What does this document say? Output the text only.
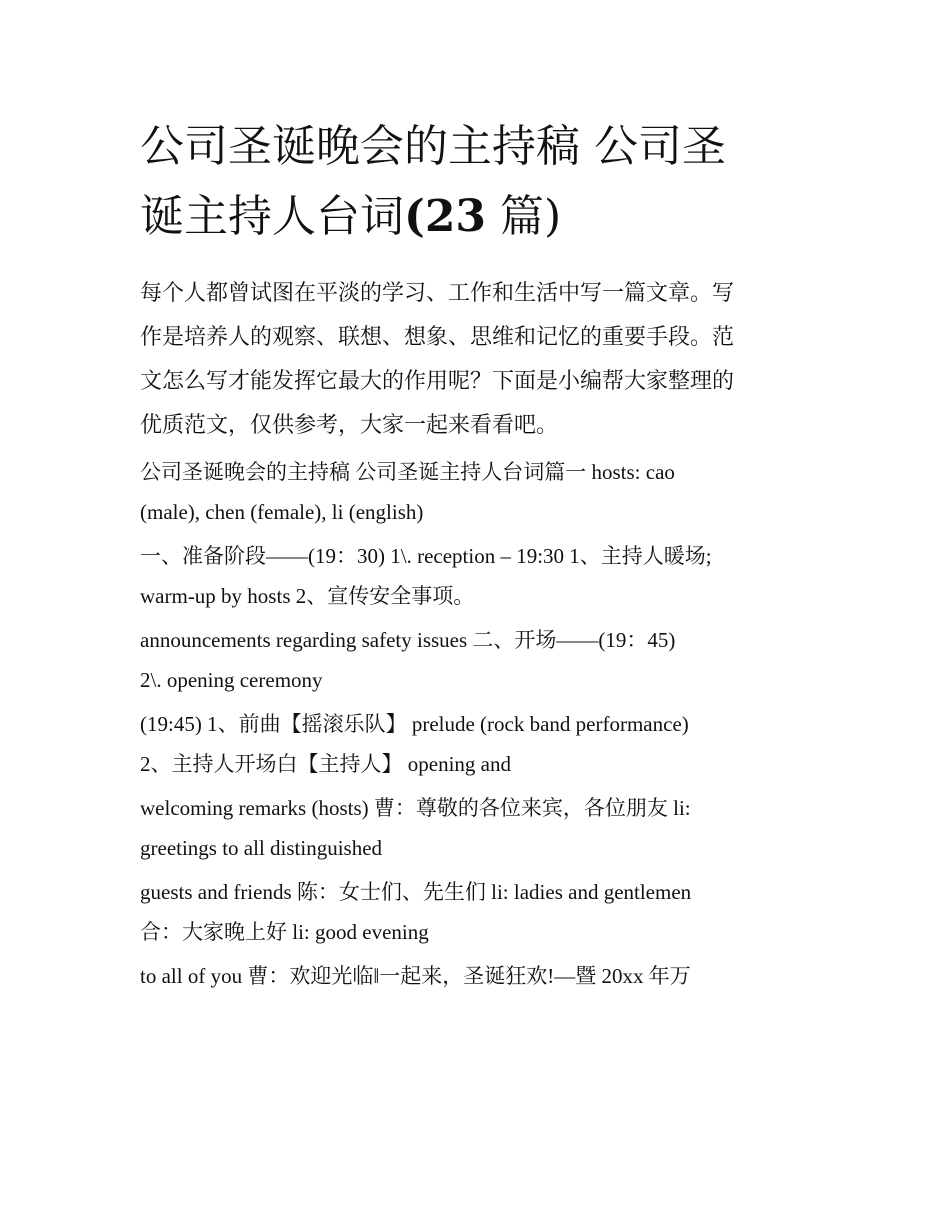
公司圣诞晚会的主持稿 公司圣
诞主持人台词(23 篇)

每个人都曾试图在平淡的学习、工作和生活中写一篇文章。写
作是培养人的观察、联想、想象、思维和记忆的重要手段。范
文怎么写才能发挥它最大的作用呢？下面是小编帮大家整理的
优质范文，仅供参考，大家一起来看看吧。

公司圣诞晚会的主持稿 公司圣诞主持人台词篇一 hosts: cao
(male), chen (female), li (english)

一、准备阶段——(19：30) 1\. reception – 19:30 1、主持人暖场;
warm-up by hosts 2、宣传安全事项。

announcements regarding safety issues 二、开场——(19：45)
2\. opening ceremony

(19:45) 1、前曲【摇滚乐队】 prelude (rock band performance)
2、主持人开场白【主持人】 opening and

welcoming remarks (hosts) 曹：尊敬的各位来宾，各位朋友 li:
greetings to all distinguished

guests and friends 陈：女士们、先生们 li: ladies and gentlemen
合：大家晚上好 li: good evening

to all of you 曹：欢迎光临‖一起来，圣诞狂欢!—暨 20xx 年万
